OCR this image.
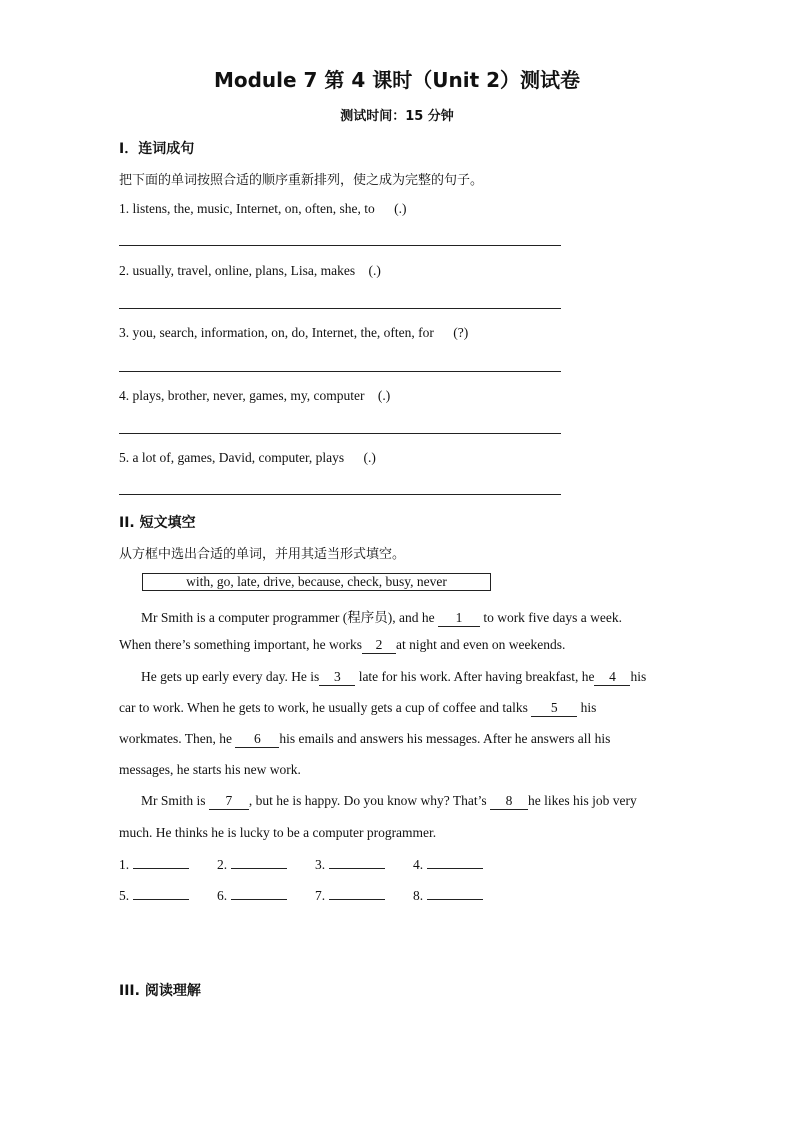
Module 7 第 4 课时（Unit 2）测试卷
测试时间：15 分钟
I．连词成句
把下面的单词按照合适的顺序重新排列，使之成为完整的句子。
1. listens, the, music, Internet, on, often, she, to (.)
2. usually, travel, online, plans, Lisa, makes (.)
3. you, search, information, on, do, Internet, the, often, for (?)
4. plays, brother, never, games, my, computer (.)
5. a lot of, games, David, computer, plays (.)
II. 短文填空
从方框中选出合适的单词，并用其适当形式填空。
with, go, late, drive, because, check, busy, never
Mr Smith is a computer programmer (程序员), and he 1 to work five days a week.
When there’s something important, he works 2 at night and even on weekends.
He gets up early every day. He is 3 late for his work. After having breakfast, he 4 his
car to work. When he gets to work, he usually gets a cup of coffee and talks 5 his
workmates. Then, he 6 his emails and answers his messages. After he answers all his
messages, he starts his new work.
Mr Smith is 7 , but he is happy. Do you know why? That’s 8 he likes his job very
much. He thinks he is lucky to be a computer programmer.
1.	2.	3.	4.
5.	6.	7.	8.
III. 阅读理解
